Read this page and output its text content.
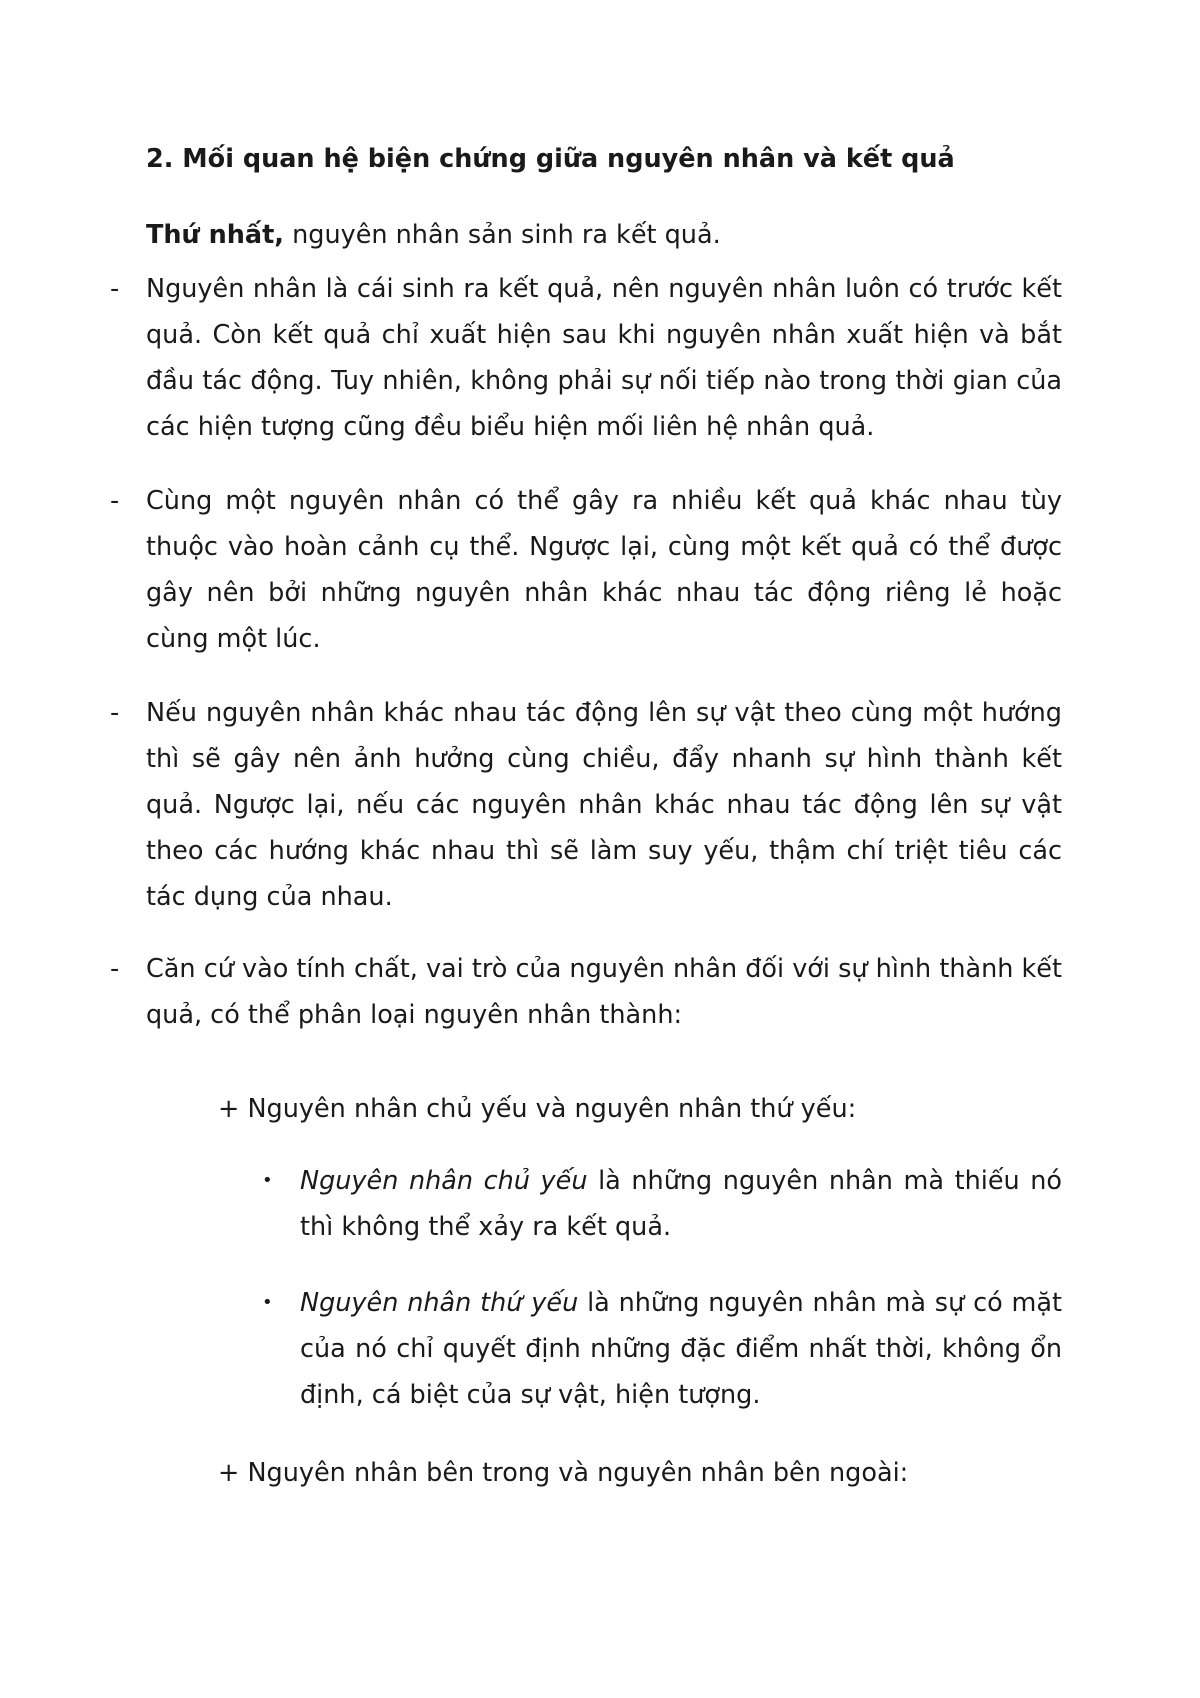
2. Mối quan hệ biện chứng giữa nguyên nhân và kết quả
Thứ nhất, nguyên nhân sản sinh ra kết quả.
- Nguyên nhân là cái sinh ra kết quả, nên nguyên nhân luôn có trước kết quả. Còn kết quả chỉ xuất hiện sau khi nguyên nhân xuất hiện và bắt đầu tác động. Tuy nhiên, không phải sự nối tiếp nào trong thời gian của các hiện tượng cũng đều biểu hiện mối liên hệ nhân quả.
- Cùng một nguyên nhân có thể gây ra nhiều kết quả khác nhau tùy thuộc vào hoàn cảnh cụ thể. Ngược lại, cùng một kết quả có thể được gây nên bởi những nguyên nhân khác nhau tác động riêng lẻ hoặc cùng một lúc.
- Nếu nguyên nhân khác nhau tác động lên sự vật theo cùng một hướng thì sẽ gây nên ảnh hưởng cùng chiều, đẩy nhanh sự hình thành kết quả. Ngược lại, nếu các nguyên nhân khác nhau tác động lên sự vật theo các hướng khác nhau thì sẽ làm suy yếu, thậm chí triệt tiêu các tác dụng của nhau.
- Căn cứ vào tính chất, vai trò của nguyên nhân đối với sự hình thành kết quả, có thể phân loại nguyên nhân thành:
+ Nguyên nhân chủ yếu và nguyên nhân thứ yếu:
• Nguyên nhân chủ yếu là những nguyên nhân mà thiếu nó thì không thể xảy ra kết quả.
• Nguyên nhân thứ yếu là những nguyên nhân mà sự có mặt của nó chỉ quyết định những đặc điểm nhất thời, không ổn định, cá biệt của sự vật, hiện tượng.
+ Nguyên nhân bên trong và nguyên nhân bên ngoài:
